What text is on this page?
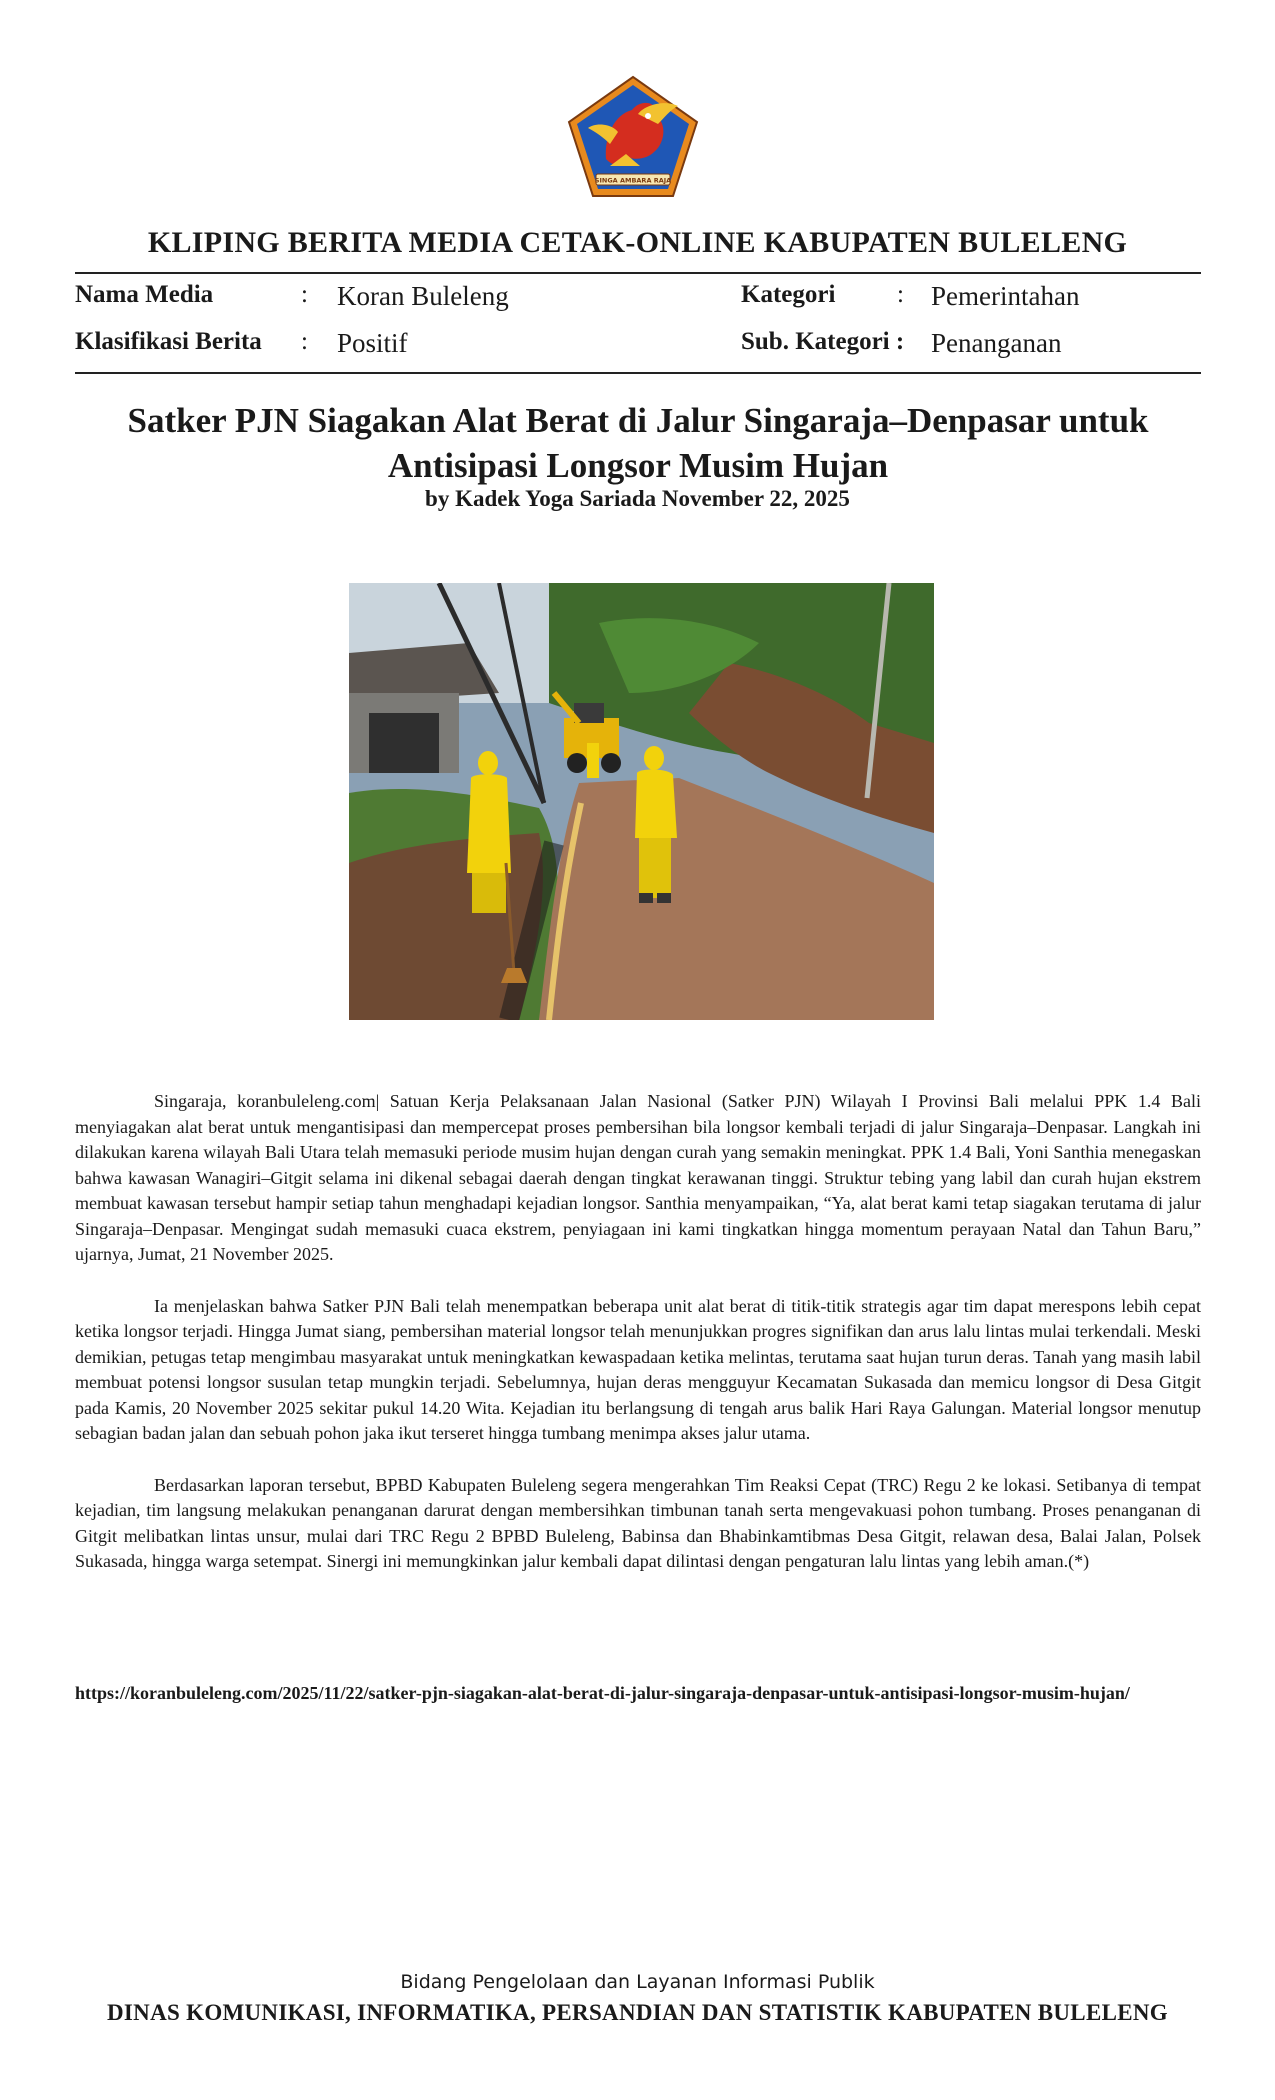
SINGA AMBARA RAJA
KLIPING BERITA MEDIA CETAK-ONLINE KABUPATEN BULELENG
Nama Media	: Koran Buleleng	Kategori : Pemerintahan
Klasifikasi Berita : Positif	Sub. Kategori : Penanganan
Satker PJN Siagakan Alat Berat di Jalur Singaraja–Denpasar untuk Antisipasi Longsor Musim Hujan
by Kadek Yoga Sariada November 22, 2025

Singaraja, koranbuleleng.com| Satuan Kerja Pelaksanaan Jalan Nasional (Satker PJN) Wilayah I Provinsi Bali melalui PPK 1.4 Bali menyiagakan alat berat untuk mengantisipasi dan mempercepat proses pembersihan bila longsor kembali terjadi di jalur Singaraja–Denpasar. Langkah ini dilakukan karena wilayah Bali Utara telah memasuki periode musim hujan dengan curah yang semakin meningkat. PPK 1.4 Bali, Yoni Santhia menegaskan bahwa kawasan Wanagiri–Gitgit selama ini dikenal sebagai daerah dengan tingkat kerawanan tinggi. Struktur tebing yang labil dan curah hujan ekstrem membuat kawasan tersebut hampir setiap tahun menghadapi kejadian longsor. Santhia menyampaikan, “Ya, alat berat kami tetap siagakan terutama di jalur Singaraja–Denpasar. Mengingat sudah memasuki cuaca ekstrem, penyiagaan ini kami tingkatkan hingga momentum perayaan Natal dan Tahun Baru,” ujarnya, Jumat, 21 November 2025.

Ia menjelaskan bahwa Satker PJN Bali telah menempatkan beberapa unit alat berat di titik-titik strategis agar tim dapat merespons lebih cepat ketika longsor terjadi. Hingga Jumat siang, pembersihan material longsor telah menunjukkan progres signifikan dan arus lalu lintas mulai terkendali. Meski demikian, petugas tetap mengimbau masyarakat untuk meningkatkan kewaspadaan ketika melintas, terutama saat hujan turun deras. Tanah yang masih labil membuat potensi longsor susulan tetap mungkin terjadi. Sebelumnya, hujan deras mengguyur Kecamatan Sukasada dan memicu longsor di Desa Gitgit pada Kamis, 20 November 2025 sekitar pukul 14.20 Wita. Kejadian itu berlangsung di tengah arus balik Hari Raya Galungan. Material longsor menutup sebagian badan jalan dan sebuah pohon jaka ikut terseret hingga tumbang menimpa akses jalur utama.

Berdasarkan laporan tersebut, BPBD Kabupaten Buleleng segera mengerahkan Tim Reaksi Cepat (TRC) Regu 2 ke lokasi. Setibanya di tempat kejadian, tim langsung melakukan penanganan darurat dengan membersihkan timbunan tanah serta mengevakuasi pohon tumbang. Proses penanganan di Gitgit melibatkan lintas unsur, mulai dari TRC Regu 2 BPBD Buleleng, Babinsa dan Bhabinkamtibmas Desa Gitgit, relawan desa, Balai Jalan, Polsek Sukasada, hingga warga setempat. Sinergi ini memungkinkan jalur kembali dapat dilintasi dengan pengaturan lalu lintas yang lebih aman.(*)

https://koranbuleleng.com/2025/11/22/satker-pjn-siagakan-alat-berat-di-jalur-singaraja-denpasar-untuk-antisipasi-longsor-musim-hujan/
Bidang Pengelolaan dan Layanan Informasi Publik
DINAS KOMUNIKASI, INFORMATIKA, PERSANDIAN DAN STATISTIK KABUPATEN BULELENG
